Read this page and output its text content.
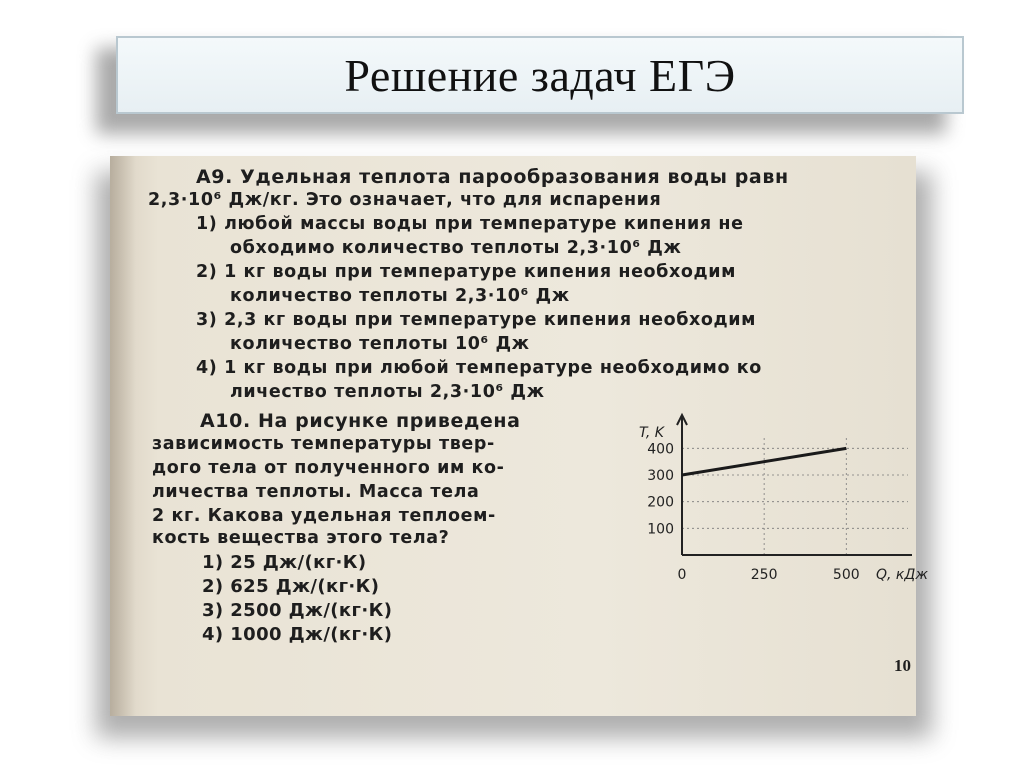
Решение задач ЕГЭ
А9. Удельная теплота парообразования воды равн
2,3·10⁶ Дж/кг. Это означает, что для испарения
1) любой массы воды при температуре кипения не
обходимо количество теплоты 2,3·10⁶ Дж
2) 1 кг воды при температуре кипения необходим
количество теплоты 2,3·10⁶ Дж
3) 2,3 кг воды при температуре кипения необходим
количество теплоты 10⁶ Дж
4) 1 кг воды при любой температуре необходимо ко
личество теплоты 2,3·10⁶ Дж
А10. На рисунке приведена
зависимость температуры твер-
дого тела от полученного им ко-
личества теплоты. Масса тела
2 кг. Какова удельная теплоем-
кость вещества этого тела?
1) 25 Дж/(кг·К)
2) 625 Дж/(кг·К)
3) 2500 Дж/(кг·К)
4) 1000 Дж/(кг·К)
100
200
300
400
0	250	500
T, K
Q, кДж
10
